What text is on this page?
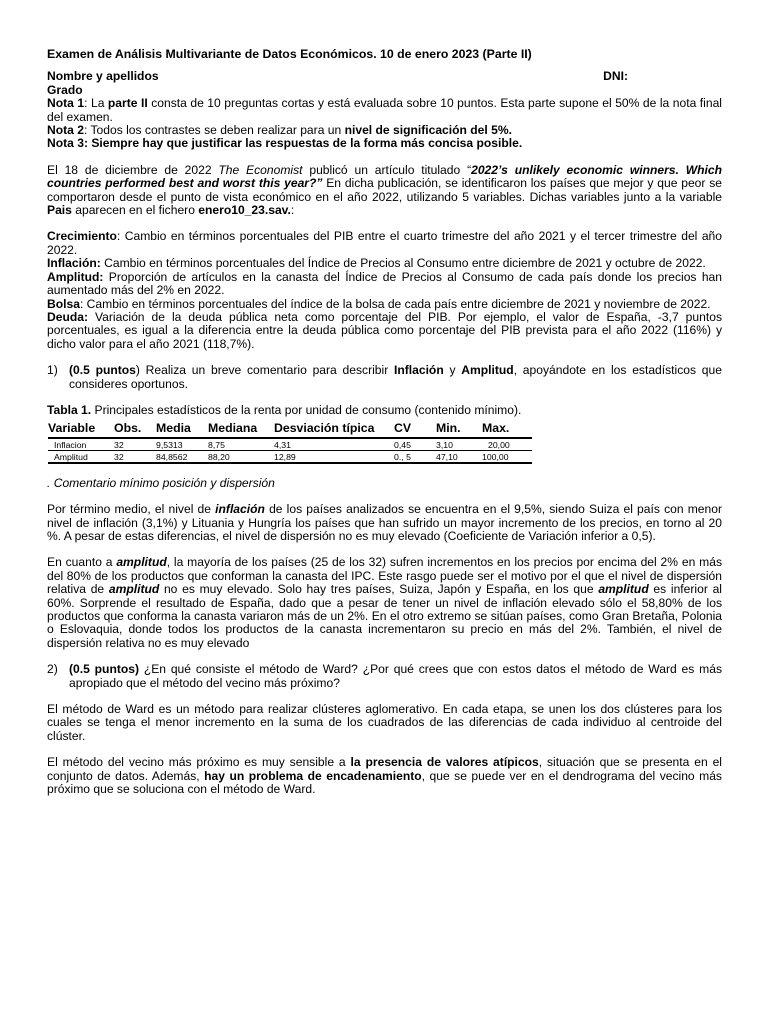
Examen de Análisis Multivariante de Datos Económicos. 10 de enero 2023 (Parte II)

Nombre y apellidos	DNI:

Grado

Nota 1: La parte II consta de 10 preguntas cortas y está evaluada sobre 10 puntos. Esta parte supone el 50% de la nota final del examen.

Nota 2: Todos los contrastes se deben realizar para un nivel de significación del 5%.

Nota 3: Siempre hay que justificar las respuestas de la forma más concisa posible.

El 18 de diciembre de 2022 The Economist publicó un artículo titulado “2022’s unlikely economic winners. Which countries performed best and worst this year?” En dicha publicación, se identificaron los países que mejor y que peor se comportaron desde el punto de vista económico en el año 2022, utilizando 5 variables. Dichas variables junto a la variable Pais aparecen en el fichero enero10_23.sav.:

Crecimiento: Cambio en términos porcentuales del PIB entre el cuarto trimestre del año 2021 y el tercer trimestre del año 2022.

Inflación: Cambio en términos porcentuales del Índice de Precios al Consumo entre diciembre de 2021 y octubre de 2022.

Amplitud: Proporción de artículos en la canasta del Índice de Precios al Consumo de cada país donde los precios han aumentado más del 2% en 2022.

Bolsa: Cambio en términos porcentuales del índice de la bolsa de cada país entre diciembre de 2021 y noviembre de 2022.

Deuda: Variación de la deuda pública neta como porcentaje del PIB. Por ejemplo, el valor de España, -3,7 puntos porcentuales, es igual a la diferencia entre la deuda pública como porcentaje del PIB prevista para el año 2022 (116%) y dicho valor para el año 2021 (118,7%).

1) (0.5 puntos) Realiza un breve comentario para describir Inflación y Amplitud, apoyándote en los estadísticos que consideres oportunos.

Tabla 1. Principales estadísticos de la renta por unidad de consumo (contenido mínimo).

Variable	Obs.	Media	Mediana	Desviación típica	CV	Min.	Max.
Inflacion	32	9,5313	8,75	4,31	0,45	3,10	20,00
Amplitud	32	84,8562	88,20	12,89	0., 5	47,10	100,00

. Comentario mínimo posición y dispersión

Por término medio, el nivel de inflación de los países analizados se encuentra en el 9,5%, siendo Suiza el país con menor nivel de inflación (3,1%) y Lituania y Hungría los países que han sufrido un mayor incremento de los precios, en torno al 20 %. A pesar de estas diferencias, el nivel de dispersión no es muy elevado (Coeficiente de Variación inferior a 0,5).

En cuanto a amplitud, la mayoría de los países (25 de los 32) sufren incrementos en los precios por encima del 2% en más del 80% de los productos que conforman la canasta del IPC. Este rasgo puede ser el motivo por el que el nivel de dispersión relativa de amplitud no es muy elevado. Solo hay tres países, Suiza, Japón y España, en los que amplitud es inferior al 60%. Sorprende el resultado de España, dado que a pesar de tener un nivel de inflación elevado sólo el 58,80% de los productos que conforma la canasta variaron más de un 2%. En el otro extremo se sitúan países, como Gran Bretaña, Polonia o Eslovaquia, donde todos los productos de la canasta incrementaron su precio en más del 2%. También, el nivel de dispersión relativa no es muy elevado

2) (0.5 puntos) ¿En qué consiste el método de Ward? ¿Por qué crees que con estos datos el método de Ward es más apropiado que el método del vecino más próximo?

El método de Ward es un método para realizar clústeres aglomerativo. En cada etapa, se unen los dos clústeres para los cuales se tenga el menor incremento en la suma de los cuadrados de las diferencias de cada individuo al centroide del clúster.

El método del vecino más próximo es muy sensible a la presencia de valores atípicos, situación que se presenta en el conjunto de datos. Además, hay un problema de encadenamiento, que se puede ver en el dendrograma del vecino más próximo que se soluciona con el método de Ward.
